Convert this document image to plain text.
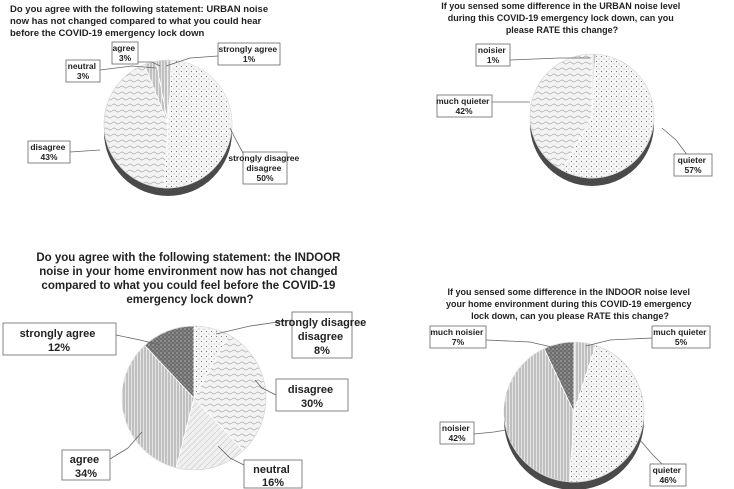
Do you agree with the following statement: URBAN noise now has not changed compared to what you could hear before the COVID-19 emergency lock down
agree 3%
neutral 3%
strongly agree 1%
disagree 43%	strongly disagree disagree 50%
If you sensed some difference in the URBAN noise level during this COVID-19 emergency lock down, can you please RATE this change?
noisier 1%
much quieter 42%
quieter 57%
Do you agree with the following statement: the INDOOR noise in your home environment now has not changed compared to what you could feel before the COVID-19 emergency lock down?
strongly agree 12%
strongly disagree disagree 8%
disagree 30%
neutral 16%
agree 34%
If you sensed some difference in the INDOOR noise level your home environment during this COVID-19 emergency lock down, can you please RATE this change?
much noisier 7%
much quieter 5%
noisier 42%
quieter 46%
